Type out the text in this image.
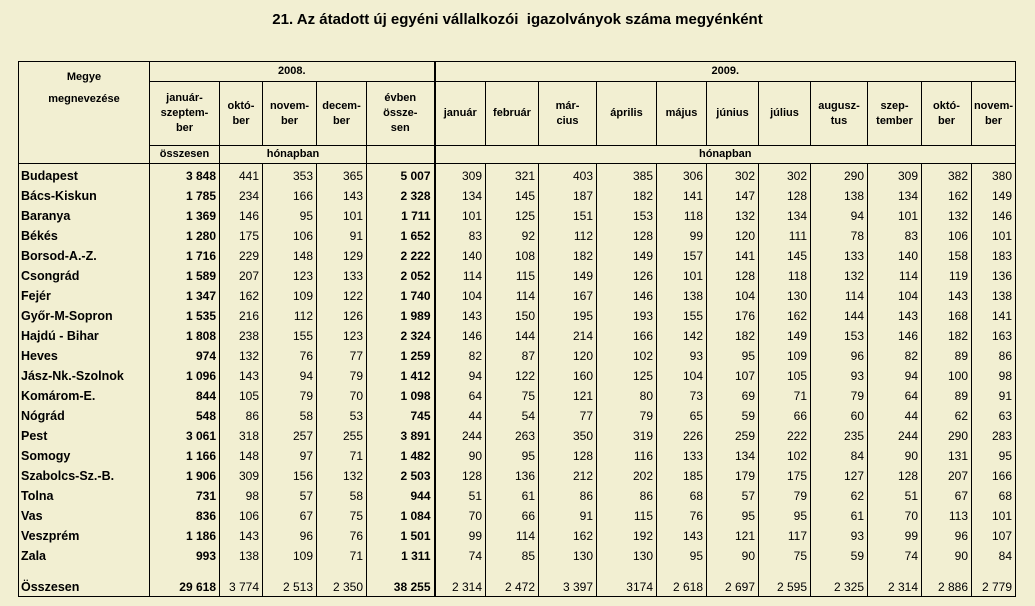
21. Az átadott új egyéni vállalkozói  igazolványok száma megyénként
Megye
megnevezése	2008.					2009.										
	január-
szeptem-
ber	októ-
ber	novem-
ber	decem-
ber	évben
össze-
sen	január	február	már-
cius	április	május	június	július	augusz-
tus	szep-
tember	októ-
ber	novem-
ber
	összesen	hónapban				hónapban										
Budapest	3 848	441	353	365	5 007	309	321	403	385	306	302	302	290	309	382	380
Bács-Kiskun	1 785	234	166	143	2 328	134	145	187	182	141	147	128	138	134	162	149
Baranya	1 369	146	95	101	1 711	101	125	151	153	118	132	134	94	101	132	146
Békés	1 280	175	106	91	1 652	83	92	112	128	99	120	111	78	83	106	101
Borsod-A.-Z.	1 716	229	148	129	2 222	140	108	182	149	157	141	145	133	140	158	183
Csongrád	1 589	207	123	133	2 052	114	115	149	126	101	128	118	132	114	119	136
Fejér	1 347	162	109	122	1 740	104	114	167	146	138	104	130	114	104	143	138
Győr-M-Sopron	1 535	216	112	126	1 989	143	150	195	193	155	176	162	144	143	168	141
Hajdú - Bihar	1 808	238	155	123	2 324	146	144	214	166	142	182	149	153	146	182	163
Heves	974	132	76	77	1 259	82	87	120	102	93	95	109	96	82	89	86
Jász-Nk.-Szolnok	1 096	143	94	79	1 412	94	122	160	125	104	107	105	93	94	100	98
Komárom-E.	844	105	79	70	1 098	64	75	121	80	73	69	71	79	64	89	91
Nógrád	548	86	58	53	745	44	54	77	79	65	59	66	60	44	62	63
Pest	3 061	318	257	255	3 891	244	263	350	319	226	259	222	235	244	290	283
Somogy	1 166	148	97	71	1 482	90	95	128	116	133	134	102	84	90	131	95
Szabolcs-Sz.-B.	1 906	309	156	132	2 503	128	136	212	202	185	179	175	127	128	207	166
Tolna	731	98	57	58	944	51	61	86	86	68	57	79	62	51	67	68
Vas	836	106	67	75	1 084	70	66	91	115	76	95	95	61	70	113	101
Veszprém	1 186	143	96	76	1 501	99	114	162	192	143	121	117	93	99	96	107
Zala	993	138	109	71	1 311	74	85	130	130	95	90	75	59	74	90	84
Összesen	29 618	3 774	2 513	2 350	38 255	2 314	2 472	3 397	3174	2 618	2 697	2 595	2 325	2 314	2 886	2 779
